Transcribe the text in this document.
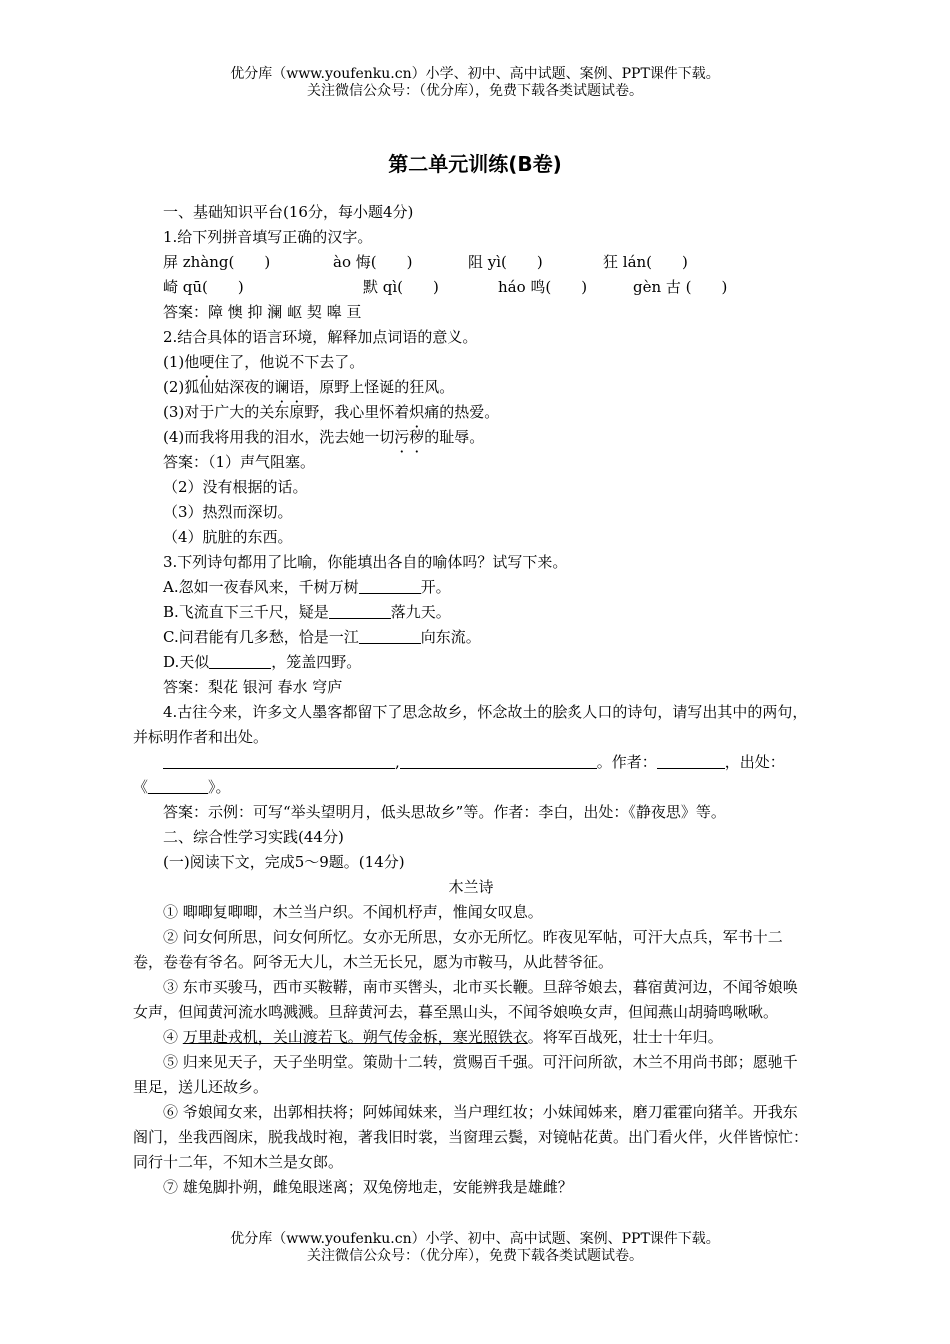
优分库（www.youfenku.cn）小学、初中、高中试题、案例、PPT课件下载。
关注微信公众号：（优分库），免费下载各类试题试卷。
第二单元训练(B卷)

一、基础知识平台(16分，每小题4分)

1.给下列拼音填写正确的汉字。

屏 zhàng(　　)	ào 悔(　　)	阻 yì(　　)	狂 lán(　　)
崎 qū(　　)	默 qì(　　)	háo 鸣(　　)	gèn 古 (　　)

答案：障 懊 抑 澜 岖 契 嗥 亘

2.结合具体的语言环境，解释加点词语的意义。

(1)他哽住了，他说不下去了。

(2)狐仙姑深夜的谰语，原野上怪诞的狂风。

(3)对于广大的关东原野，我心里怀着炽痛的热爱。

(4)而我将用我的泪水，洗去她一切污秽的耻辱。

答案：（1）声气阻塞。

（2）没有根据的话。

（3）热烈而深切。

（4）肮脏的东西。

3.下列诗句都用了比喻，你能填出各自的喻体吗？试写下来。

A.忽如一夜春风来，千树万树	开。

B.飞流直下三千尺，疑是	落九天。

C.问君能有几多愁，恰是一江	向东流。

D.天似	，笼盖四野。

答案：梨花 银河 春水 穹庐

4.古往今来，许多文人墨客都留下了思念故乡，怀念故土的脍炙人口的诗句，请写出其中的两句，并标明作者和出处。

,	。作者：	，出处：

《	》。

答案：示例：可写“举头望明月，低头思故乡”等。作者：李白，出处：《静夜思》等。

二、综合性学习实践(44分)

(一)阅读下文，完成5～9题。(14分)

木兰诗

① 唧唧复唧唧，木兰当户织。不闻机杼声，惟闻女叹息。

② 问女何所思，问女何所忆。女亦无所思，女亦无所忆。昨夜见军帖，可汗大点兵，军书十二卷，卷卷有爷名。阿爷无大儿，木兰无长兄，愿为市鞍马，从此替爷征。

③ 东市买骏马，西市买鞍鞯，南市买辔头，北市买长鞭。旦辞爷娘去，暮宿黄河边，不闻爷娘唤女声，但闻黄河流水鸣溅溅。旦辞黄河去，暮至黑山头，不闻爷娘唤女声，但闻燕山胡骑鸣啾啾。

④ 万里赴戎机，关山渡若飞。朔气传金柝，寒光照铁衣。将军百战死，壮士十年归。

⑤ 归来见天子，天子坐明堂。策勋十二转，赏赐百千强。可汗问所欲，木兰不用尚书郎；愿驰千里足，送儿还故乡。

⑥ 爷娘闻女来，出郭相扶将；阿姊闻妹来，当户理红妆；小妹闻姊来，磨刀霍霍向猪羊。开我东阁门，坐我西阁床，脱我战时袍，著我旧时裳，当窗理云鬓，对镜帖花黄。出门看火伴，火伴皆惊忙：同行十二年，不知木兰是女郎。

⑦ 雄兔脚扑朔，雌兔眼迷离；双兔傍地走，安能辨我是雄雌？

优分库（www.youfenku.cn）小学、初中、高中试题、案例、PPT课件下载。
关注微信公众号：（优分库），免费下载各类试题试卷。
